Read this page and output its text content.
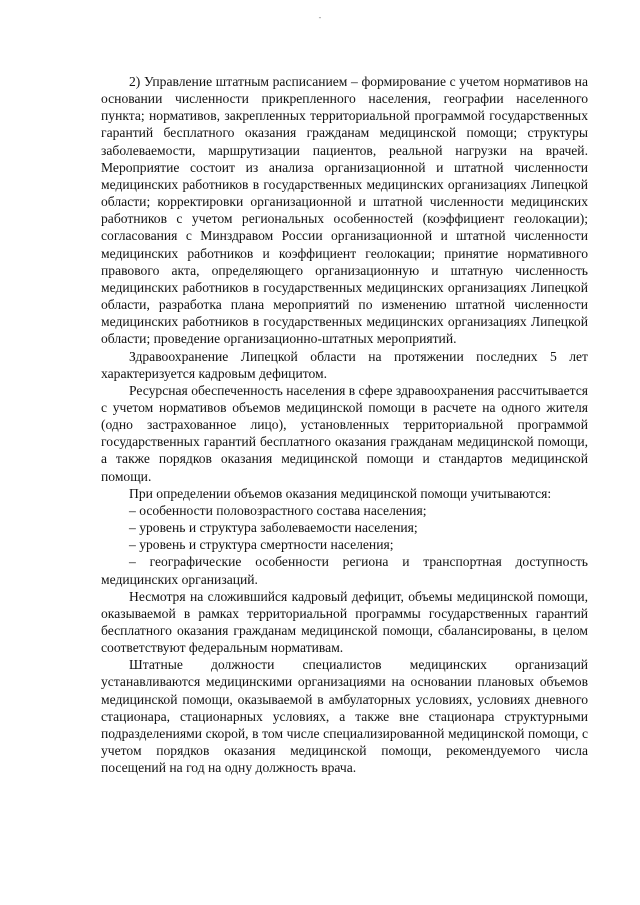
-

2) Управление штатным расписанием – формирование с учетом нормативов на основании численности прикрепленного населения, географии населенного пункта; нормативов, закрепленных территориальной программой государственных гарантий бесплатного оказания гражданам медицинской помощи; структуры заболеваемости, маршрутизации пациентов, реальной нагрузки на врачей. Мероприятие состоит из анализа организационной и штатной численности медицинских работников в государственных медицинских организациях Липецкой области; корректировки организационной и штатной численности медицинских работников с учетом региональных особенностей (коэффициент геолокации); согласования с Минздравом России организационной и штатной численности медицинских работников и коэффициент геолокации; принятие нормативного правового акта, определяющего организационную и штатную численность медицинских работников в государственных медицинских организациях Липецкой области, разработка плана мероприятий по изменению штатной численности медицинских работников в государственных медицинских организациях Липецкой области; проведение организационно-штатных мероприятий.

Здравоохранение Липецкой области на протяжении последних 5 лет характеризуется кадровым дефицитом.

Ресурсная обеспеченность населения в сфере здравоохранения рассчитывается с учетом нормативов объемов медицинской помощи в расчете на одного жителя (одно застрахованное лицо), установленных территориальной программой государственных гарантий бесплатного оказания гражданам медицинской помощи, а также порядков оказания медицинской помощи и стандартов медицинской помощи.

При определении объемов оказания медицинской помощи учитываются:

– особенности половозрастного состава населения;

– уровень и структура заболеваемости населения;

– уровень и структура смертности населения;

– географические особенности региона и транспортная доступность медицинских организаций.

Несмотря на сложившийся кадровый дефицит, объемы медицинской помощи, оказываемой в рамках территориальной программы государственных гарантий бесплатного оказания гражданам медицинской помощи, сбалансированы, в целом соответствуют федеральным нормативам.

Штатные должности специалистов медицинских организаций устанавливаются медицинскими организациями на основании плановых объемов медицинской помощи, оказываемой в амбулаторных условиях, условиях дневного стационара, стационарных условиях, а также вне стационара структурными подразделениями скорой, в том числе специализированной медицинской помощи, с учетом порядков оказания медицинской помощи, рекомендуемого числа посещений на год на одну должность врача.
